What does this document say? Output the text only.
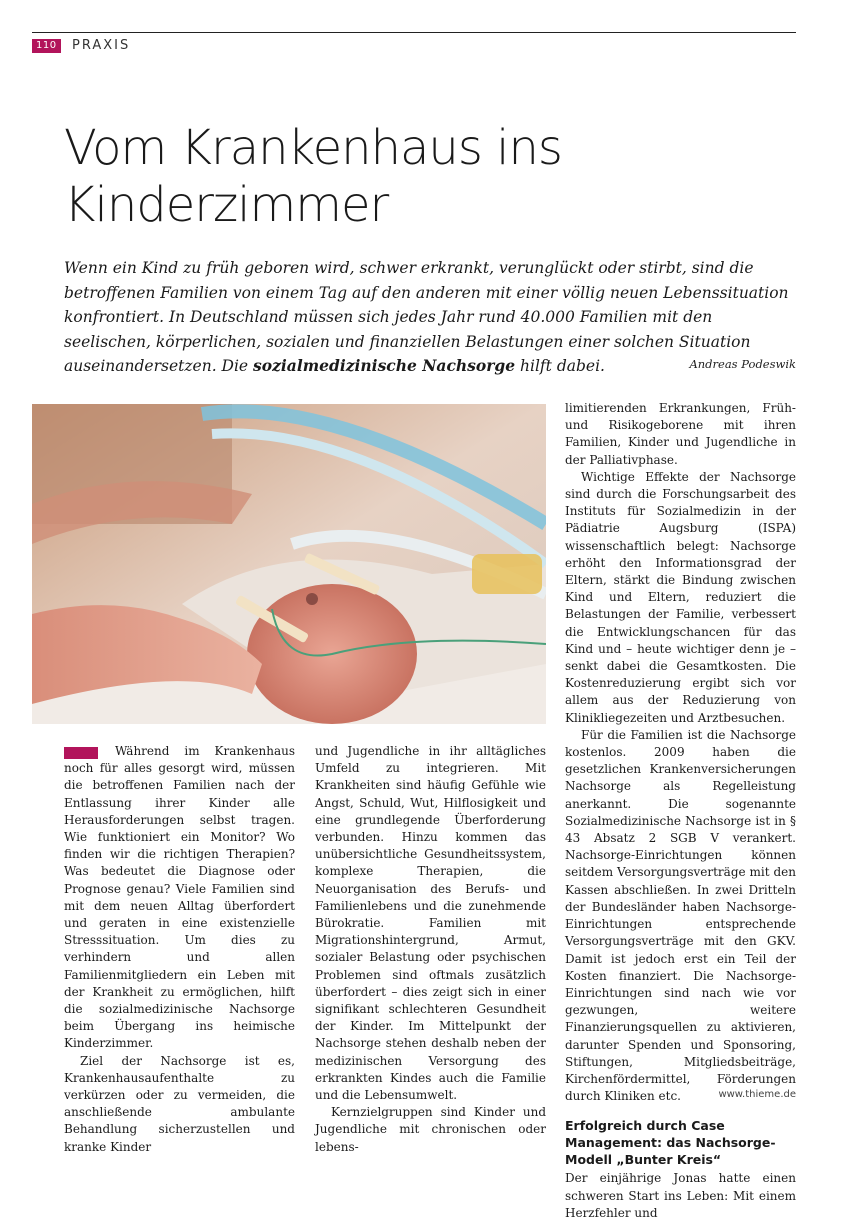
110	PRAXIS
Vom Krankenhaus ins Kinderzimmer
Wenn ein Kind zu früh geboren wird, schwer erkrankt, verunglückt oder stirbt, sind die betroffenen Familien von einem Tag auf den anderen mit einer völlig neuen Lebenssituation konfrontiert. In Deutschland müssen sich jedes Jahr rund 40.000 Familien mit den seelischen, körperlichen, sozialen und finanziellen Belastungen einer solchen Situation auseinandersetzen. Die sozialmedizinische Nachsorge hilft dabei.	Andreas Podeswik

Während im Krankenhaus noch für alles gesorgt wird, müssen die betroffenen Familien nach der Entlassung ihrer Kinder alle Herausforderungen selbst tragen. Wie funktioniert ein Monitor? Wo finden wir die richtigen Therapien? Was bedeutet die Diagnose oder Prognose genau? Viele Familien sind mit dem neuen Alltag überfordert und geraten in eine existenzielle Stresssituation. Um dies zu verhindern und allen Familienmitgliedern ein Leben mit der Krankheit zu ermöglichen, hilft die sozialmedizinische Nachsorge beim Übergang ins heimische Kinderzimmer.

Ziel der Nachsorge ist es, Krankenhausaufenthalte zu verkürzen oder zu vermeiden, die anschließende ambulante Behandlung sicherzustellen und kranke Kinder

und Jugendliche in ihr alltägliches Umfeld zu integrieren. Mit Krankheiten sind häufig Gefühle wie Angst, Schuld, Wut, Hilflosigkeit und eine grundlegende Überforderung verbunden. Hinzu kommen das unübersichtliche Gesundheitssystem, komplexe Therapien, die Neuorganisation des Berufs- und Familienlebens und die zunehmende Bürokratie. Familien mit Migrationshintergrund, Armut, sozialer Belastung oder psychischen Problemen sind oftmals zusätzlich überfordert – dies zeigt sich in einer signifikant schlechteren Gesundheit der Kinder. Im Mittelpunkt der Nachsorge stehen deshalb neben der medizinischen Versorgung des erkrankten Kindes auch die Familie und die Lebensumwelt.

Kernzielgruppen sind Kinder und Jugendliche mit chronischen oder lebens-

limitierenden Erkrankungen, Früh- und Risikogeborene mit ihren Familien, Kinder und Jugendliche in der Palliativphase.

Wichtige Effekte der Nachsorge sind durch die Forschungsarbeit des Instituts für Sozialmedizin in der Pädiatrie Augsburg (ISPA) wissenschaftlich belegt: Nachsorge erhöht den Informationsgrad der Eltern, stärkt die Bindung zwischen Kind und Eltern, reduziert die Belastungen der Familie, verbessert die Entwicklungschancen für das Kind und – heute wichtiger denn je – senkt dabei die Gesamtkosten. Die Kostenreduzierung ergibt sich vor allem aus der Reduzierung von Klinikliegezeiten und Arztbesuchen.

Für die Familien ist die Nachsorge kostenlos. 2009 haben die gesetzlichen Krankenversicherungen Nachsorge als Regelleistung anerkannt. Die sogenannte Sozialmedizinische Nachsorge ist in § 43 Absatz 2 SGB V verankert. Nachsorge-Einrichtungen können seitdem Versorgungsverträge mit den Kassen abschließen. In zwei Dritteln der Bundesländer haben Nachsorge-Einrichtungen entsprechende Versorgungsverträge mit den GKV. Damit ist jedoch erst ein Teil der Kosten finanziert. Die Nachsorge-Einrichtungen sind nach wie vor gezwungen, weitere Finanzierungsquellen zu aktivieren, darunter Spenden und Sponsoring, Stiftungen, Mitgliedsbeiträge, Kirchenfördermittel, Förderungen durch Kliniken etc.

Erfolgreich durch Case Management: das Nachsorge-Modell „Bunter Kreis“

Der einjährige Jonas hatte einen schweren Start ins Leben: Mit einem Herzfehler und

www.thieme.de
